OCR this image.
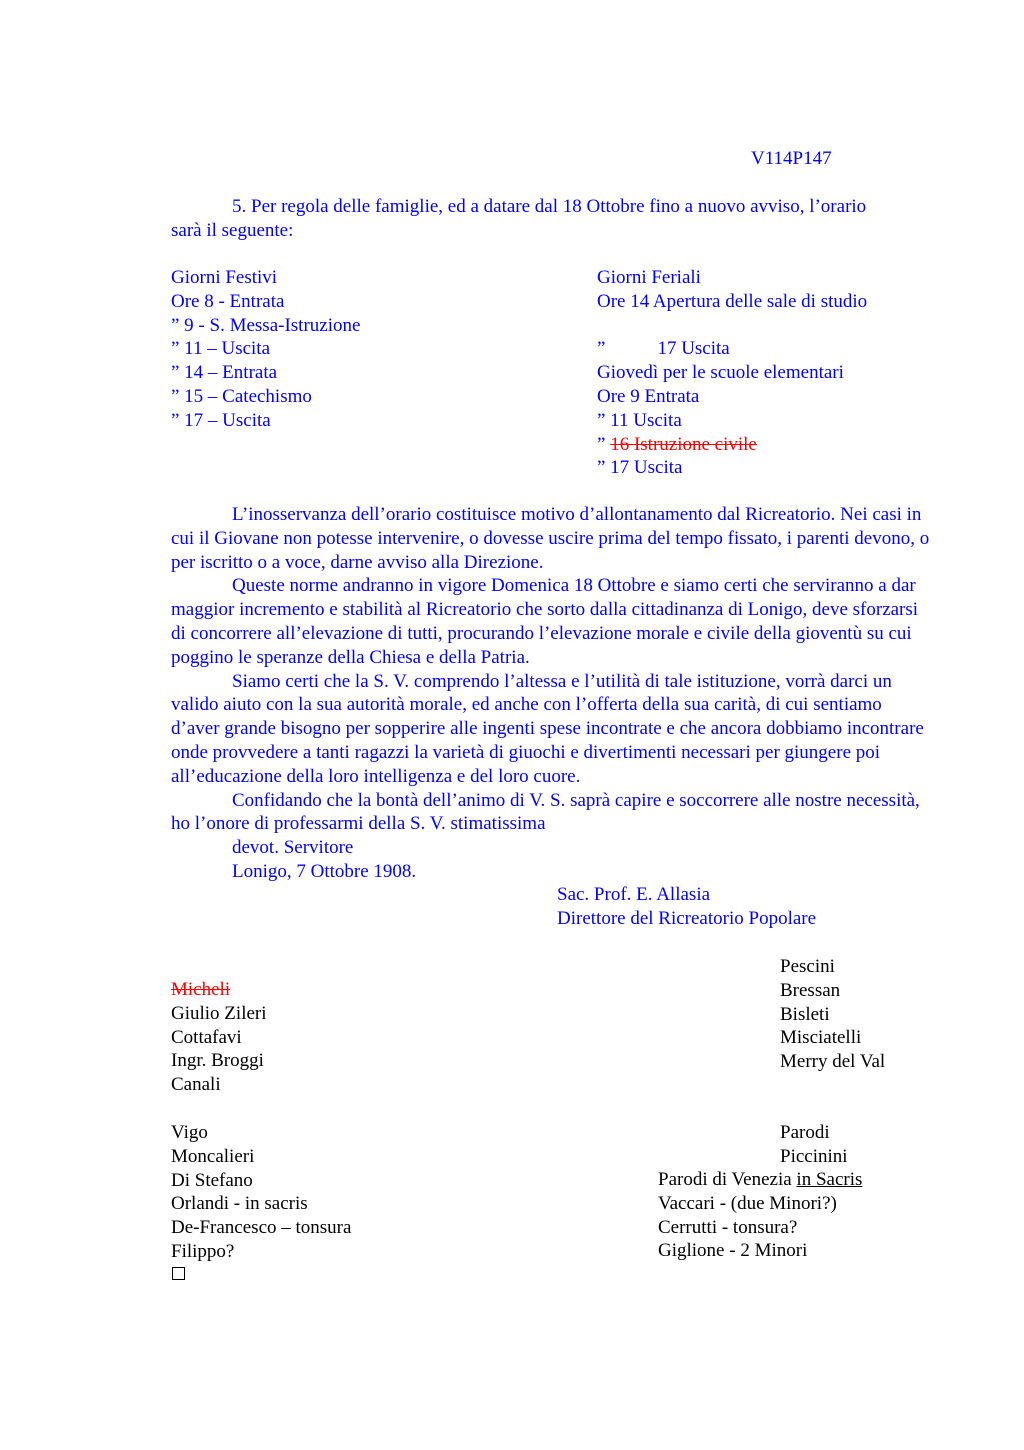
V114P147
5. Per regola delle famiglie, ed a datare dal 18 Ottobre fino a nuovo avviso, l’orario
sarà il seguente:
Giorni Festivi
Ore 8 - Entrata
” 9 - S. Messa-Istruzione
” 11 – Uscita
” 14 – Entrata
” 15 – Catechismo
” 17 – Uscita
Giorni Feriali
Ore 14 Apertura delle sale di studio
”	17 Uscita
Giovedì per le scuole elementari
Ore 9 Entrata
” 11 Uscita
” 16 Istruzione civile
” 17 Uscita
L’inosservanza dell’orario costituisce motivo d’allontanamento dal Ricreatorio. Nei casi in cui il Giovane non potesse intervenire, o dovesse uscire prima del tempo fissato, i parenti devono, o per iscritto o a voce, darne avviso alla Direzione.
Queste norme andranno in vigore Domenica 18 Ottobre e siamo certi che serviranno a dar maggior incremento e stabilità al Ricreatorio che sorto dalla cittadinanza di Lonigo, deve sforzarsi di concorrere all’elevazione di tutti, procurando l’elevazione morale e civile della gioventù su cui poggino le speranze della Chiesa e della Patria.
Siamo certi che la S. V. comprendo l’altessa e l’utilità di tale istituzione, vorrà darci un valido aiuto con la sua autorità morale, ed anche con l’offerta della sua carità, di cui sentiamo d’aver grande bisogno per sopperire alle ingenti spese incontrate e che ancora dobbiamo incontrare onde provvedere a tanti ragazzi la varietà di giuochi e divertimenti necessari per giungere poi all’educazione della loro intelligenza e del loro cuore.
Confidando che la bontà dell’animo di V. S. saprà capire e soccorrere alle nostre necessità, ho l’onore di professarmi della S. V. stimatissima
devot. Servitore
Lonigo, 7 Ottobre 1908.
Sac. Prof. E. Allasia
Direttore del Ricreatorio Popolare
Micheli
Giulio Zileri
Cottafavi
Ingr. Broggi
Canali
Pescini
Bressan
Bisleti
Misciatelli
Merry del Val
Vigo
Moncalieri
Di Stefano
Orlandi - in sacris
De-Francesco – tonsura
Filippo?
Parodi
Piccinini
Parodi di Venezia in Sacris
Vaccari - (due Minori?)
Cerrutti - tonsura?
Giglione - 2 Minori
